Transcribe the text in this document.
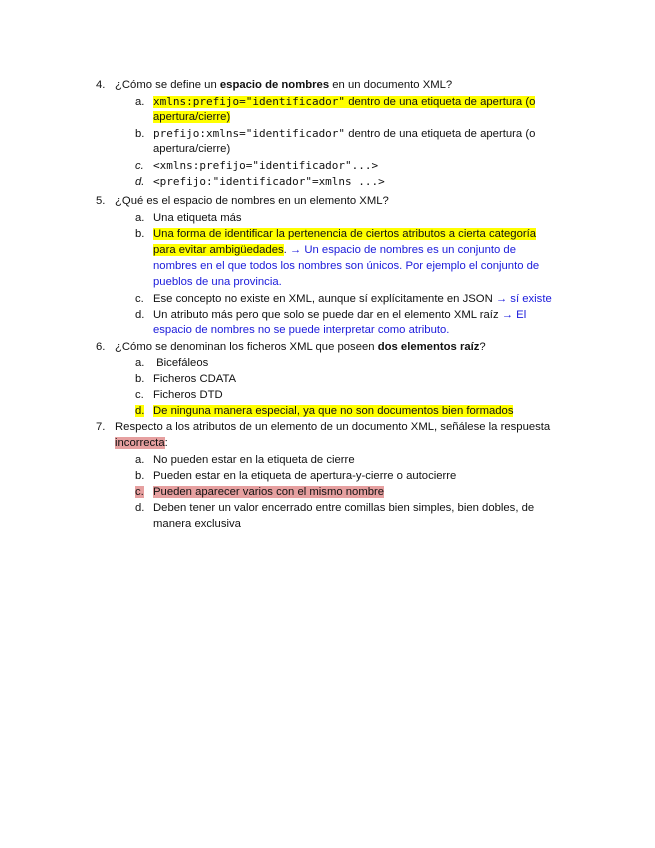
4. ¿Cómo se define un espacio de nombres en un documento XML?
a. xmlns:prefijo="identificador" dentro de una etiqueta de apertura (o
apertura/cierre)
b. prefijo:xmlns="identificador" dentro de una etiqueta de apertura (o
apertura/cierre)
c. <xmlns:prefijo="identificador"...>
d. <prefijo:"identificador"=xmlns ...>
5. ¿Qué es el espacio de nombres en un elemento XML?
a. Una etiqueta más
b. Una forma de identificar la pertenencia de ciertos atributos a cierta categoría
para evitar ambigüedades. → Un espacio de nombres es un conjunto de
nombres en el que todos los nombres son únicos. Por ejemplo el conjunto de
pueblos de una provincia.
c. Ese concepto no existe en XML, aunque sí explícitamente en JSON → sí existe
d. Un atributo más pero que solo se puede dar en el elemento XML raíz → El
espacio de nombres no se puede interpretar como atributo.
6. ¿Cómo se denominan los ficheros XML que poseen dos elementos raíz?
a. Bicefáleos
b. Ficheros CDATA
c. Ficheros DTD
d. De ninguna manera especial, ya que no son documentos bien formados
7. Respecto a los atributos de un elemento de un documento XML, señálese la respuesta
incorrecta:
a. No pueden estar en la etiqueta de cierre
b. Pueden estar en la etiqueta de apertura-y-cierre o autocierre
c. Pueden aparecer varios con el mismo nombre
d. Deben tener un valor encerrado entre comillas bien simples, bien dobles, de
manera exclusiva
